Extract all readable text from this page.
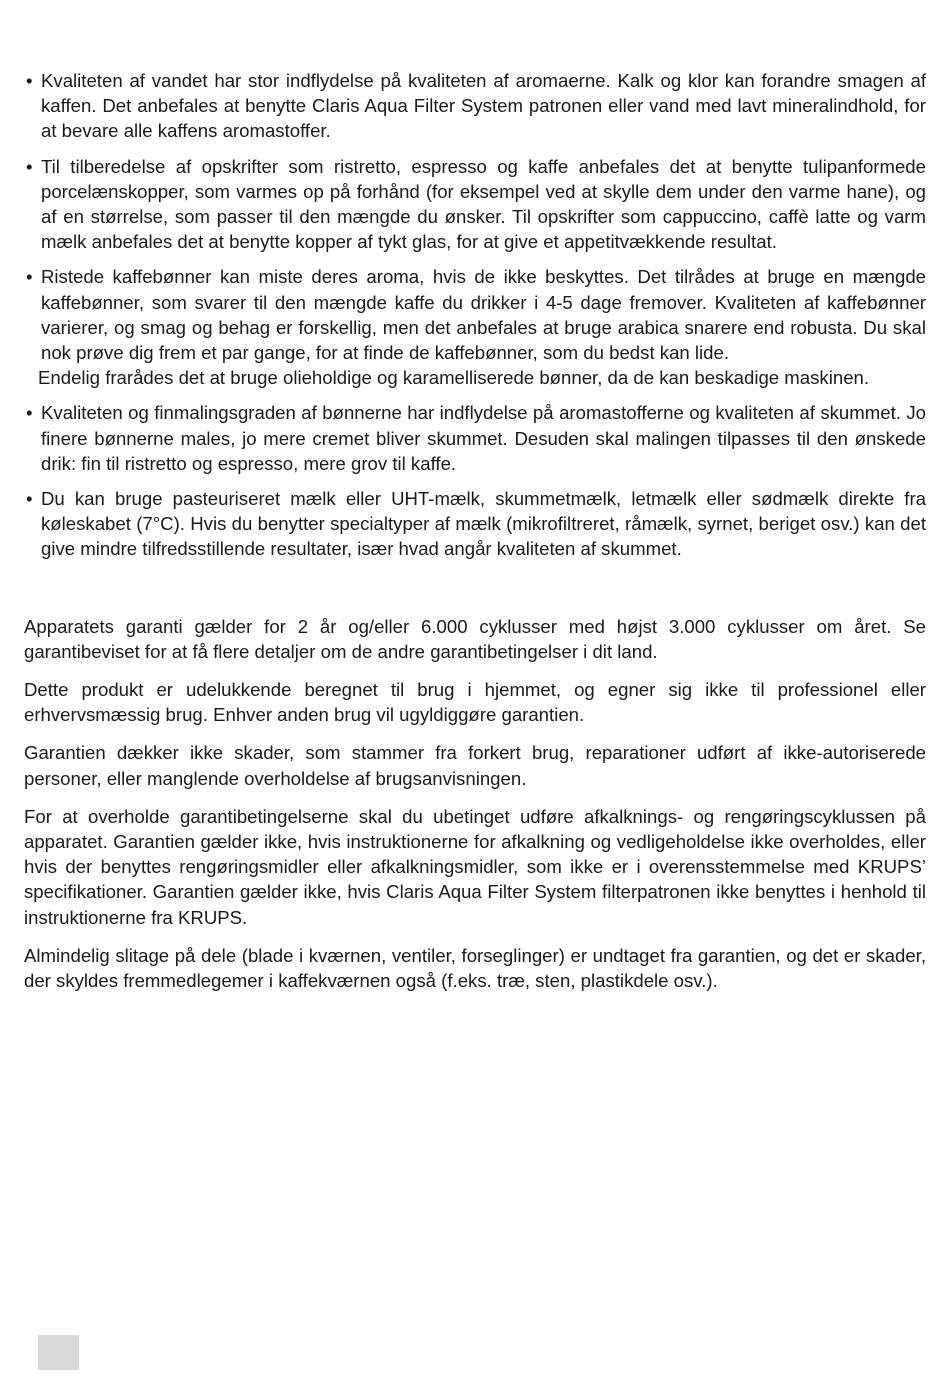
• Kvaliteten af vandet har stor indflydelse på kvaliteten af aromaerne. Kalk og klor kan forandre smagen af kaffen. Det anbefales at benytte Claris Aqua Filter System patronen eller vand med lavt mineralindhold, for at bevare alle kaffens aromastoffer.
• Til tilberedelse af opskrifter som ristretto, espresso og kaffe anbefales det at benytte tulipanformede porcelænskopper, som varmes op på forhånd (for eksempel ved at skylle dem under den varme hane), og af en størrelse, som passer til den mængde du ønsker. Til opskrifter som cappuccino, caffè latte og varm mælk anbefales det at benytte kopper af tykt glas, for at give et appetitvækkende resultat.
• Ristede kaffebønner kan miste deres aroma, hvis de ikke beskyttes. Det tilrådes at bruge en mængde kaffebønner, som svarer til den mængde kaffe du drikker i 4-5 dage fremover. Kvaliteten af kaffebønner varierer, og smag og behag er forskellig, men det anbefales at bruge arabica snarere end robusta. Du skal nok prøve dig frem et par gange, for at finde de kaffebønner, som du bedst kan lide.
Endelig frarådes det at bruge olieholdige og karamelliserede bønner, da de kan beskadige maskinen.
• Kvaliteten og finmalingsgraden af bønnerne har indflydelse på aromastofferne og kvaliteten af skummet. Jo finere bønnerne males, jo mere cremet bliver skummet. Desuden skal malingen tilpasses til den ønskede drik: fin til ristretto og espresso, mere grov til kaffe.
• Du kan bruge pasteuriseret mælk eller UHT-mælk, skummetmælk, letmælk eller sødmælk direkte fra køleskabet (7°C). Hvis du benytter specialtyper af mælk (mikrofiltreret, råmælk, syrnet, beriget osv.) kan det give mindre tilfredsstillende resultater, især hvad angår kvaliteten af skummet.

Apparatets garanti gælder for 2 år og/eller 6.000 cyklusser med højst 3.000 cyklusser om året. Se garantibeviset for at få flere detaljer om de andre garantibetingelser i dit land.

Dette produkt er udelukkende beregnet til brug i hjemmet, og egner sig ikke til professionel eller erhvervsmæssig brug. Enhver anden brug vil ugyldiggøre garantien.

Garantien dækker ikke skader, som stammer fra forkert brug, reparationer udført af ikke-autoriserede personer, eller manglende overholdelse af brugsanvisningen.

For at overholde garantibetingelserne skal du ubetinget udføre afkalknings- og rengøringscyklussen på apparatet. Garantien gælder ikke, hvis instruktionerne for afkalkning og vedligeholdelse ikke overholdes, eller hvis der benyttes rengøringsmidler eller afkalkningsmidler, som ikke er i overensstemmelse med KRUPS’ specifikationer. Garantien gælder ikke, hvis Claris Aqua Filter System filterpatronen ikke benyttes i henhold til instruktionerne fra KRUPS.

Almindelig slitage på dele (blade i kværnen, ventiler, forseglinger) er undtaget fra garantien, og det er skader, der skyldes fremmedlegemer i kaffekværnen også (f.eks. træ, sten, plastikdele osv.).
